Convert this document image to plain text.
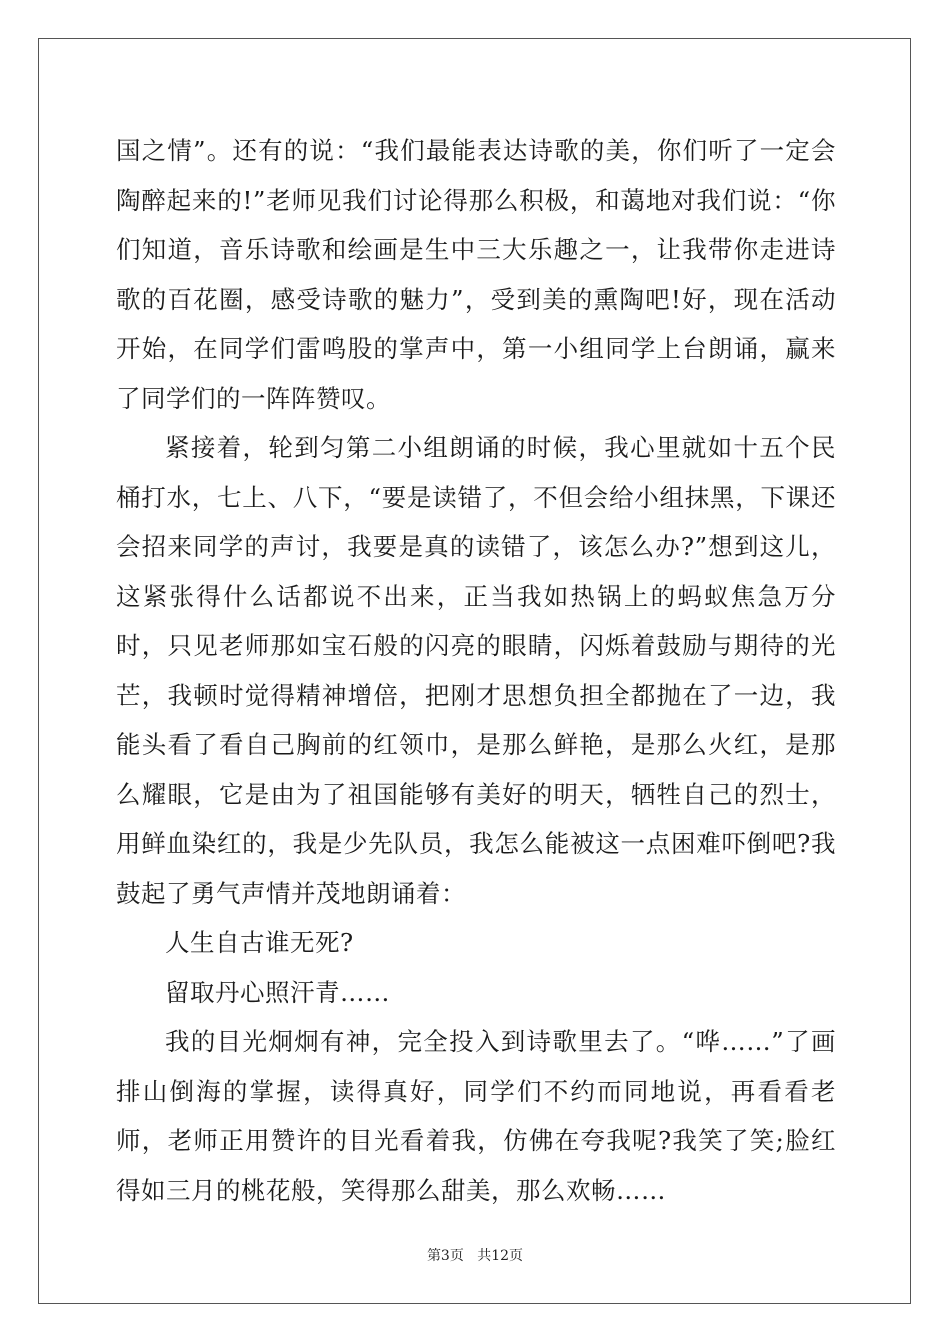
国之情”。还有的说：“我们最能表达诗歌的美，你们听了一定会陶醉起来的!”老师见我们讨论得那么积极，和蔼地对我们说：“你们知道，音乐诗歌和绘画是生中三大乐趣之一，让我带你走进诗歌的百花圈，感受诗歌的魅力”，受到美的熏陶吧!好，现在活动开始，在同学们雷鸣股的掌声中，第一小组同学上台朗诵，赢来了同学们的一阵阵赞叹。

紧接着，轮到匀第二小组朗诵的时候，我心里就如十五个民桶打水，七上、八下，“要是读错了，不但会给小组抹黑，下课还会招来同学的声讨，我要是真的读错了，该怎么办?”想到这儿，这紧张得什么话都说不出来，正当我如热锅上的蚂蚁焦急万分时，只见老师那如宝石般的闪亮的眼睛，闪烁着鼓励与期待的光芒，我顿时觉得精神增倍，把刚才思想负担全都抛在了一边，我能头看了看自己胸前的红领巾，是那么鲜艳，是那么火红，是那么耀眼，它是由为了祖国能够有美好的明天，牺牲自己的烈士，用鲜血染红的，我是少先队员，我怎么能被这一点困难吓倒吧?我鼓起了勇气声情并茂地朗诵着：

人生自古谁无死?

留取丹心照汗青……

我的目光炯炯有神，完全投入到诗歌里去了。“哗……”了画排山倒海的掌握，读得真好，同学们不约而同地说，再看看老师，老师正用赞许的目光看着我，仿佛在夸我呢?我笑了笑;脸红得如三月的桃花般，笑得那么甜美，那么欢畅……

第3页 共12页
